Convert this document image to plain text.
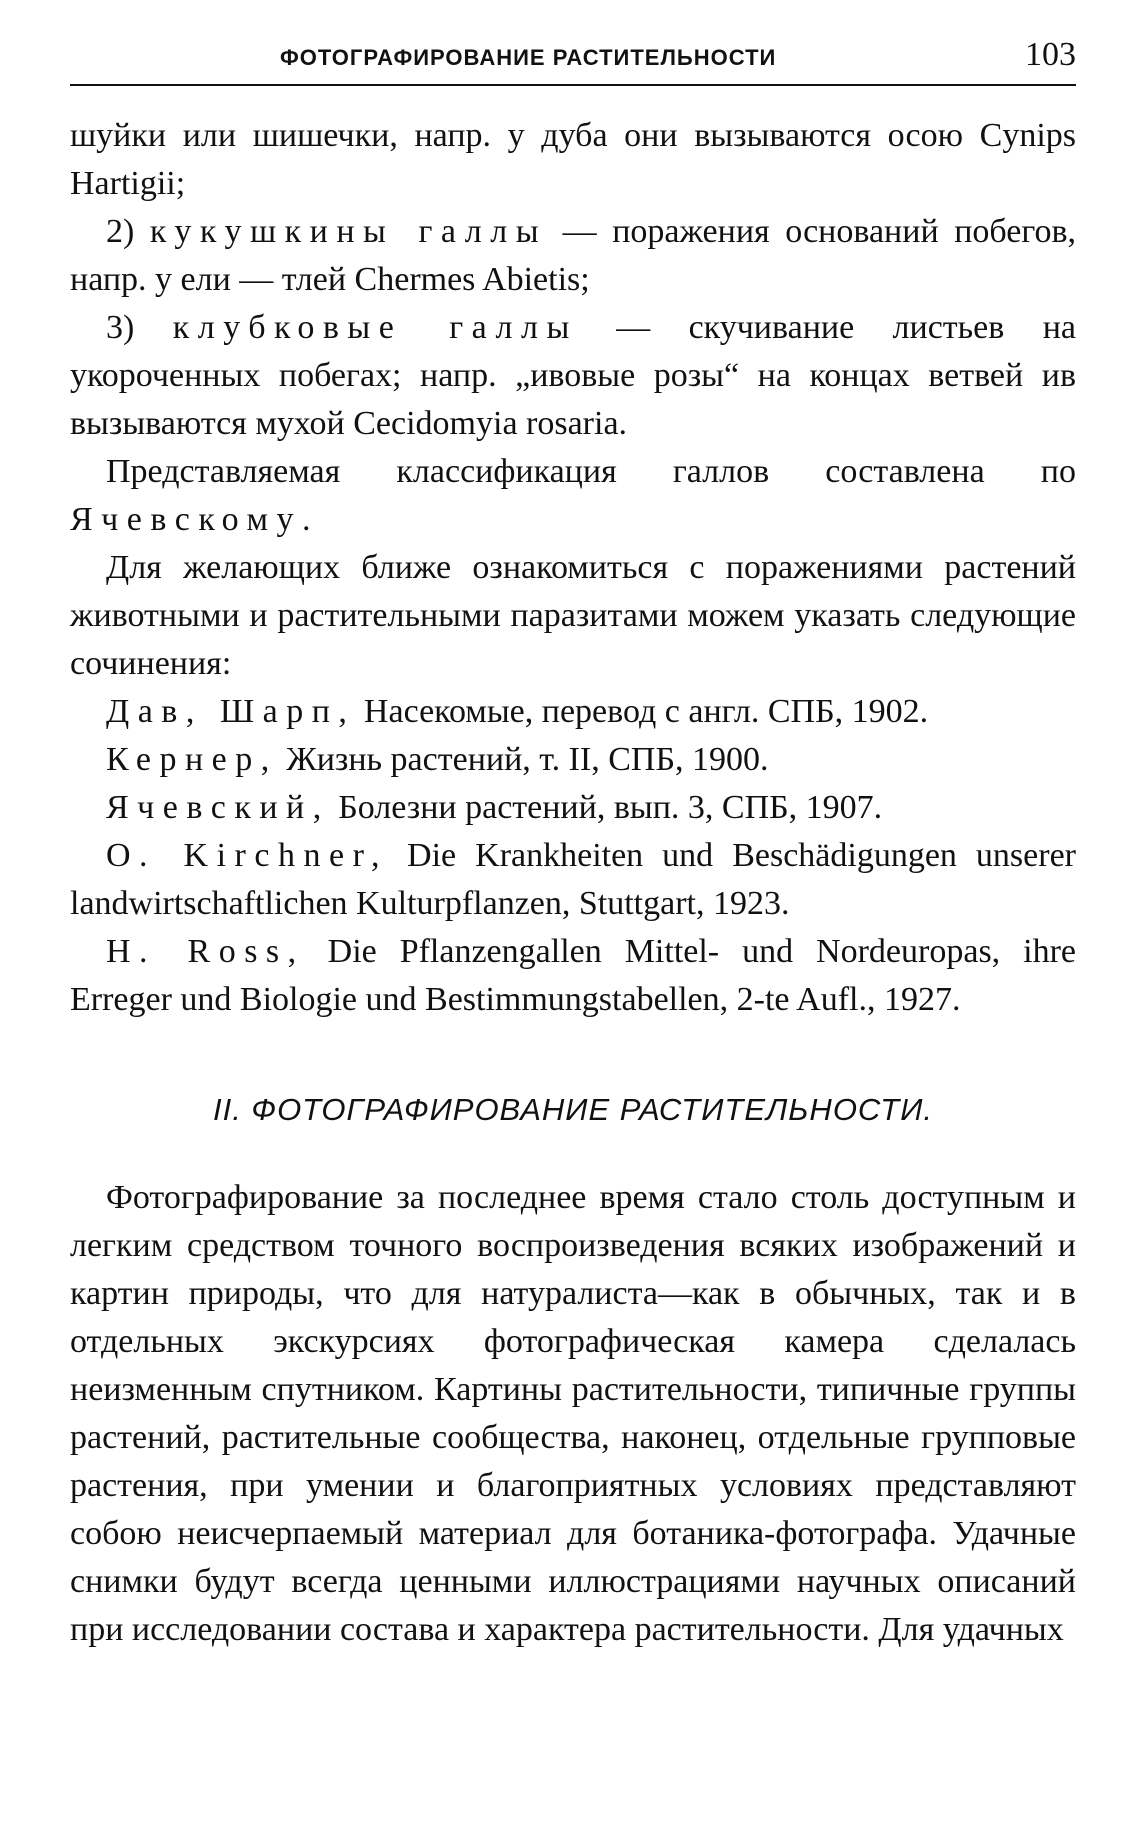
ФОТОГРАФИРОВАНИЕ РАСТИТЕЛЬНОСТИ	103

шуйки или шишечки, напр. у дуба они вызываются осою Cynips Hartigii;

2) кукушкины галлы — поражения оснований побегов, напр. у ели — тлей Chermes Abietis;

3) клубковые галлы — скучивание листьев на укороченных побегах; напр. „ивовые розы“ на концах ветвей ив вызываются мухой Cecidomyia rosaria.

Представляемая классификация галлов составлена по Ячевскому.

Для желающих ближе ознакомиться с поражениями растений животными и растительными паразитами можем указать следующие сочинения:

Дав, Шарп, Насекомые, перевод с англ. СПБ, 1902.

Кернер, Жизнь растений, т. II, СПБ, 1900.

Ячевский, Болезни растений, вып. 3, СПБ, 1907.

O. Kirchner, Die Krankheiten und Beschädigungen unserer landwirtschaftlichen Kulturpflanzen, Stuttgart, 1923.

H. Ross, Die Pflanzengallen Mittel- und Nordeuropas, ihre Erreger und Biologie und Bestimmungstabellen, 2-te Aufl., 1927.

II. ФОТОГРАФИРОВАНИЕ РАСТИТЕЛЬНОСТИ.

Фотографирование за последнее время стало столь доступным и легким средством точного воспроизведения всяких изображений и картин природы, что для натуралиста—как в обычных, так и в отдельных экскурсиях фотографическая камера сделалась неизменным спутником. Картины растительности, типичные группы растений, растительные сообщества, наконец, отдельные групповые растения, при умении и благоприятных условиях представляют собою неисчерпаемый материал для ботаника-фотографа. Удачные снимки будут всегда ценными иллюстрациями научных описаний при исследовании состава и характера растительности. Для удачных
